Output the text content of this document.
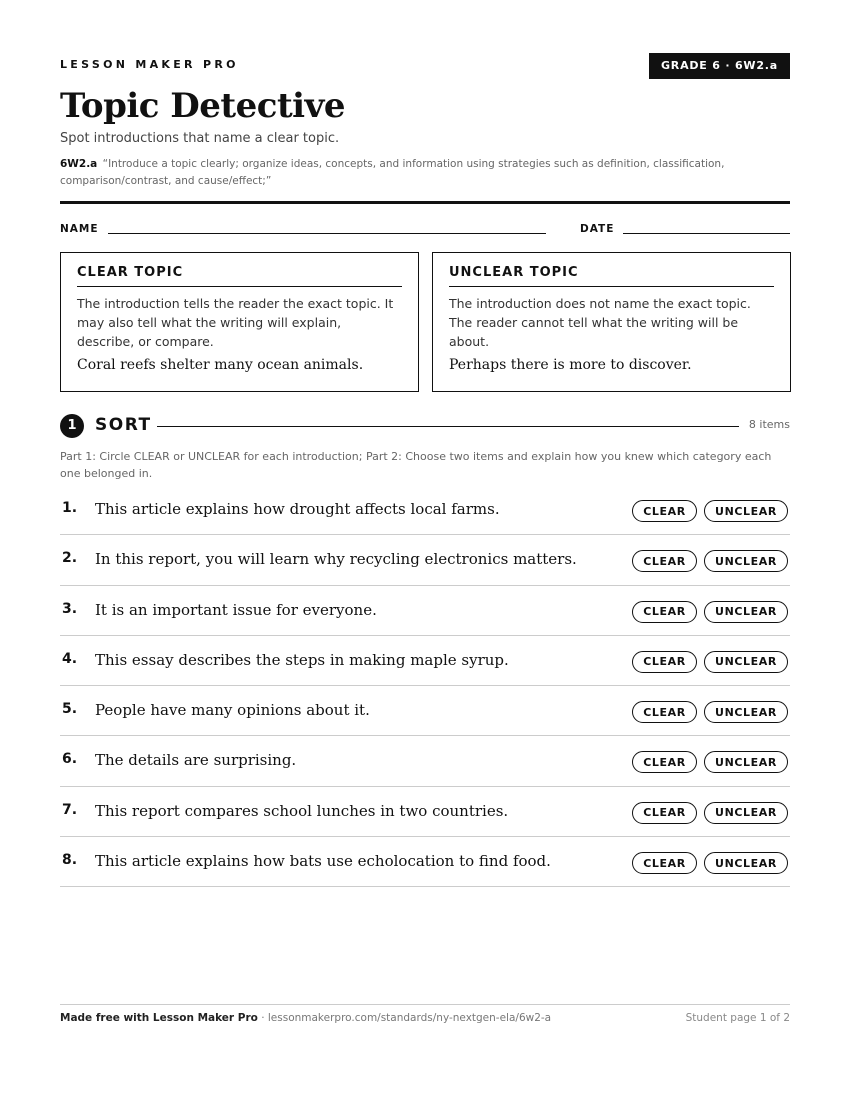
LESSON MAKER PRO	GRADE 6 · 6W2.a
Topic Detective
Spot introductions that name a clear topic.
6W2.a “Introduce a topic clearly; organize ideas, concepts, and information using strategies such as definition, classification, comparison/contrast, and cause/effect;”
NAME	DATE
CLEAR TOPIC
The introduction tells the reader the exact topic. It may also tell what the writing will explain, describe, or compare.
Coral reefs shelter many ocean animals.
UNCLEAR TOPIC
The introduction does not name the exact topic. The reader cannot tell what the writing will be about.
Perhaps there is more to discover.
1	SORT	8 items
Part 1: Circle CLEAR or UNCLEAR for each introduction; Part 2: Choose two items and explain how you knew which category each one belonged in.
1. This article explains how drought affects local farms.	CLEAR	UNCLEAR
2. In this report, you will learn why recycling electronics matters.	CLEAR	UNCLEAR
3. It is an important issue for everyone.	CLEAR	UNCLEAR
4. This essay describes the steps in making maple syrup.	CLEAR	UNCLEAR
5. People have many opinions about it.	CLEAR	UNCLEAR
6. The details are surprising.	CLEAR	UNCLEAR
7. This report compares school lunches in two countries.	CLEAR	UNCLEAR
8. This article explains how bats use echolocation to find food.	CLEAR	UNCLEAR
Made free with Lesson Maker Pro · lessonmakerpro.com/standards/ny-nextgen-ela/6w2-a	Student page 1 of 2
